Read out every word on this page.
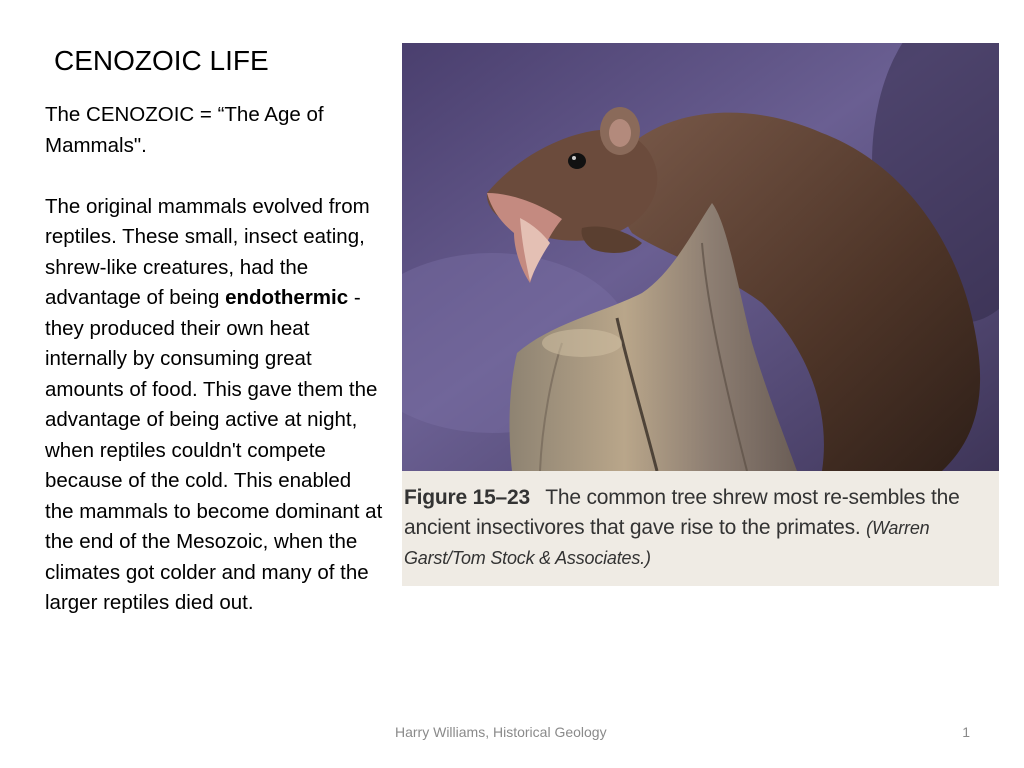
CENOZOIC LIFE

The CENOZOIC = “The Age of Mammals".

The original mammals evolved from reptiles. These small, insect eating, shrew-like creatures, had the advantage of being endothermic - they produced their own heat internally by consuming great amounts of food. This gave them the advantage of being active at night, when reptiles couldn't compete because of the cold. This enabled the mammals to become dominant at the end of the Mesozoic, when the climates got colder and many of the larger reptiles died out.

Figure 15–23 The common tree shrew most re-sembles the ancient insectivores that gave rise to the primates. (Warren Garst/Tom Stock & Associates.)
Harry Williams, Historical Geology	1
